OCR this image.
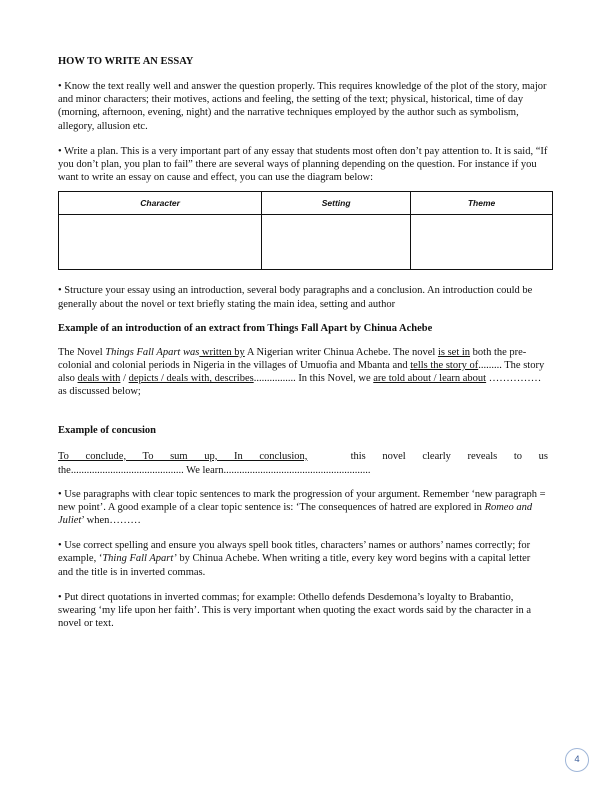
HOW TO WRITE AN ESSAY

• Know the text really well and answer the question properly. This requires knowledge of the plot of the story, major and minor characters; their motives, actions and feeling, the setting of the text; physical, historical, time of day (morning, afternoon, evening, night) and the narrative techniques employed by the author such as symbolism, allegory, allusion etc.

• Write a plan. This is a very important part of any essay that students most often don’t pay attention to. It is said, “If you don’t plan, you plan to fail” there are several ways of planning depending on the question. For instance if you want to write an essay on cause and effect, you can use the diagram below:

Character	Setting	Theme

• Structure your essay using an introduction, several body paragraphs and a conclusion. An introduction could be generally about the novel or text briefly stating the main idea, setting and author

Example of an introduction of an extract from Things Fall Apart by Chinua Achebe

The Novel Things Fall Apart was written by A Nigerian writer Chinua Achebe. The novel is set in both the pre-colonial and colonial periods in Nigeria in the villages of Umuofia and Mbanta and tells the story of......... The story also deals with / depicts / deals with, describes................ In this Novel, we are told about / learn about …………… as discussed below;

Example of concusion
To conclude, To sum up, In conclusion,	this novel clearly reveals to us
the........................................... We learn........................................................

• Use paragraphs with clear topic sentences to mark the progression of your argument. Remember ‘new paragraph = new point’. A good example of a clear topic sentence is: ‘The consequences of hatred are explored in Romeo and Juliet’ when………

• Use correct spelling and ensure you always spell book titles, characters’ names or authors’ names correctly; for example, ‘Thing Fall Apart’ by Chinua Achebe. When writing a title, every key word begins with a capital letter and the title is in inverted commas.

• Put direct quotations in inverted commas; for example: Othello defends Desdemona’s loyalty to Brabantio, swearing ‘my life upon her faith’. This is very important when quoting the exact words said by the character in a novel or text.

4
